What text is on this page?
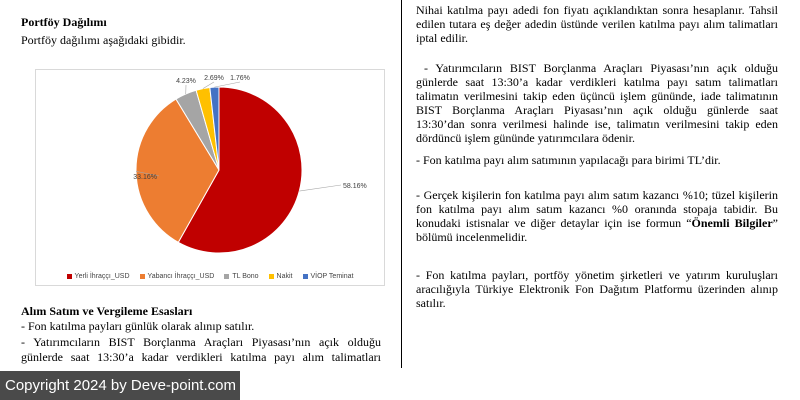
Portföy Dağılımı
Portföy dağılımı aşağıdaki gibidir.
Alım Satım ve Vergileme Esasları
- Fon katılma payları günlük olarak alınıp satılır.
- Yatırımcıların BIST Borçlanma Araçları Piyasası’nın açık olduğu
günlerde saat 13:30’a kadar verdikleri katılma payı alım talimatları
58.16%
33.16%
4.23% 2.69% 1.76%
Yerli İhraççı_USD	Yabancı İhraççı_USD	TL Bono	Nakit	VİOP Teminat
Nihai katılma payı adedi fon fiyatı açıklandıktan sonra hesaplanır. Tahsil edilen tutara eş değer adedin üstünde verilen katılma payı alım talimatları iptal edilir.
- Yatırımcıların BIST Borçlanma Araçları Piyasası’nın açık olduğu günlerde saat 13:30’a kadar verdikleri katılma payı satım talimatları talimatın verilmesini takip eden üçüncü işlem gününde, iade talimatının BIST Borçlanma Araçları Piyasası’nın açık olduğu günlerde saat 13:30’dan sonra verilmesi halinde ise, talimatın verilmesini takip eden dördüncü işlem gününde yatırımcılara ödenir.
- Fon katılma payı alım satımının yapılacağı para birimi TL’dir.
- Gerçek kişilerin fon katılma payı alım satım kazancı %10; tüzel kişilerin fon katılma payı alım satım kazancı %0 oranında stopaja tabidir. Bu konudaki istisnalar ve diğer detaylar için ise formun “Önemli Bilgiler” bölümü incelenmelidir.
- Fon katılma payları, portföy yönetim şirketleri ve yatırım kuruluşları aracılığıyla Türkiye Elektronik Fon Dağıtım Platformu üzerinden alınıp satılır.
Copyright 2024 by Deve-point.com
